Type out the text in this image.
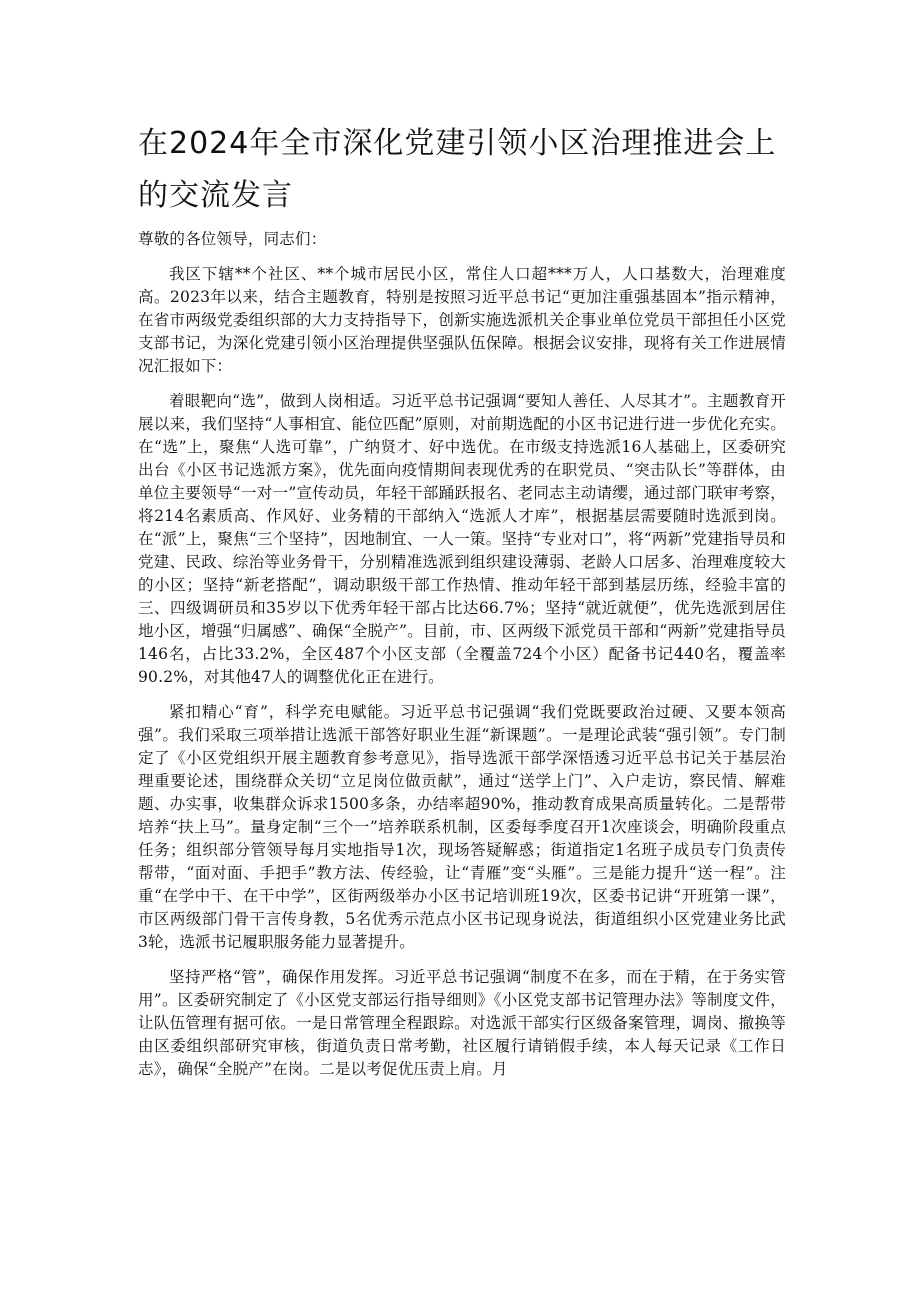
在2024年全市深化党建引领小区治理推进会上的交流发言

尊敬的各位领导，同志们：

我区下辖**个社区、**个城市居民小区，常住人口超***万人，人口基数大，治理难度高。2023年以来，结合主题教育，特别是按照习近平总书记“更加注重强基固本”指示精神，在省市两级党委组织部的大力支持指导下，创新实施选派机关企事业单位党员干部担任小区党支部书记，为深化党建引领小区治理提供坚强队伍保障。根据会议安排，现将有关工作进展情况汇报如下：

着眼靶向“选”，做到人岗相适。习近平总书记强调“要知人善任、人尽其才”。主题教育开展以来，我们坚持“人事相宜、能位匹配”原则，对前期选配的小区书记进行进一步优化充实。在“选”上，聚焦“人选可靠”，广纳贤才、好中选优。在市级支持选派16人基础上，区委研究出台《小区书记选派方案》，优先面向疫情期间表现优秀的在职党员、“突击队长”等群体，由单位主要领导“一对一”宣传动员，年轻干部踊跃报名、老同志主动请缨，通过部门联审考察，将214名素质高、作风好、业务精的干部纳入“选派人才库”，根据基层需要随时选派到岗。在“派”上，聚焦“三个坚持”，因地制宜、一人一策。坚持“专业对口”，将“两新”党建指导员和党建、民政、综治等业务骨干，分别精准选派到组织建设薄弱、老龄人口居多、治理难度较大的小区；坚持“新老搭配”，调动职级干部工作热情、推动年轻干部到基层历练，经验丰富的三、四级调研员和35岁以下优秀年轻干部占比达66.7%；坚持“就近就便”，优先选派到居住地小区，增强“归属感”、确保“全脱产”。目前，市、区两级下派党员干部和“两新”党建指导员146名，占比33.2%，全区487个小区支部（全覆盖724个小区）配备书记440名，覆盖率90.2%，对其他47人的调整优化正在进行。

紧扣精心“育”，科学充电赋能。习近平总书记强调“我们党既要政治过硬、又要本领高强”。我们采取三项举措让选派干部答好职业生涯“新课题”。一是理论武装“强引领”。专门制定了《小区党组织开展主题教育参考意见》，指导选派干部学深悟透习近平总书记关于基层治理重要论述，围绕群众关切“立足岗位做贡献”，通过“送学上门”、入户走访，察民情、解难题、办实事，收集群众诉求1500多条，办结率超90%，推动教育成果高质量转化。二是帮带培养“扶上马”。量身定制“三个一”培养联系机制，区委每季度召开1次座谈会，明确阶段重点任务；组织部分管领导每月实地指导1次，现场答疑解惑；街道指定1名班子成员专门负责传帮带，“面对面、手把手”教方法、传经验，让“青雁”变“头雁”。三是能力提升“送一程”。注重“在学中干、在干中学”，区街两级举办小区书记培训班19次，区委书记讲“开班第一课”，市区两级部门骨干言传身教，5名优秀示范点小区书记现身说法，街道组织小区党建业务比武3轮，选派书记履职服务能力显著提升。

坚持严格“管”，确保作用发挥。习近平总书记强调“制度不在多，而在于精，在于务实管用”。区委研究制定了《小区党支部运行指导细则》《小区党支部书记管理办法》等制度文件，让队伍管理有据可依。一是日常管理全程跟踪。对选派干部实行区级备案管理，调岗、撤换等由区委组织部研究审核，街道负责日常考勤，社区履行请销假手续，本人每天记录《工作日志》，确保“全脱产”在岗。二是以考促优压责上肩。月
